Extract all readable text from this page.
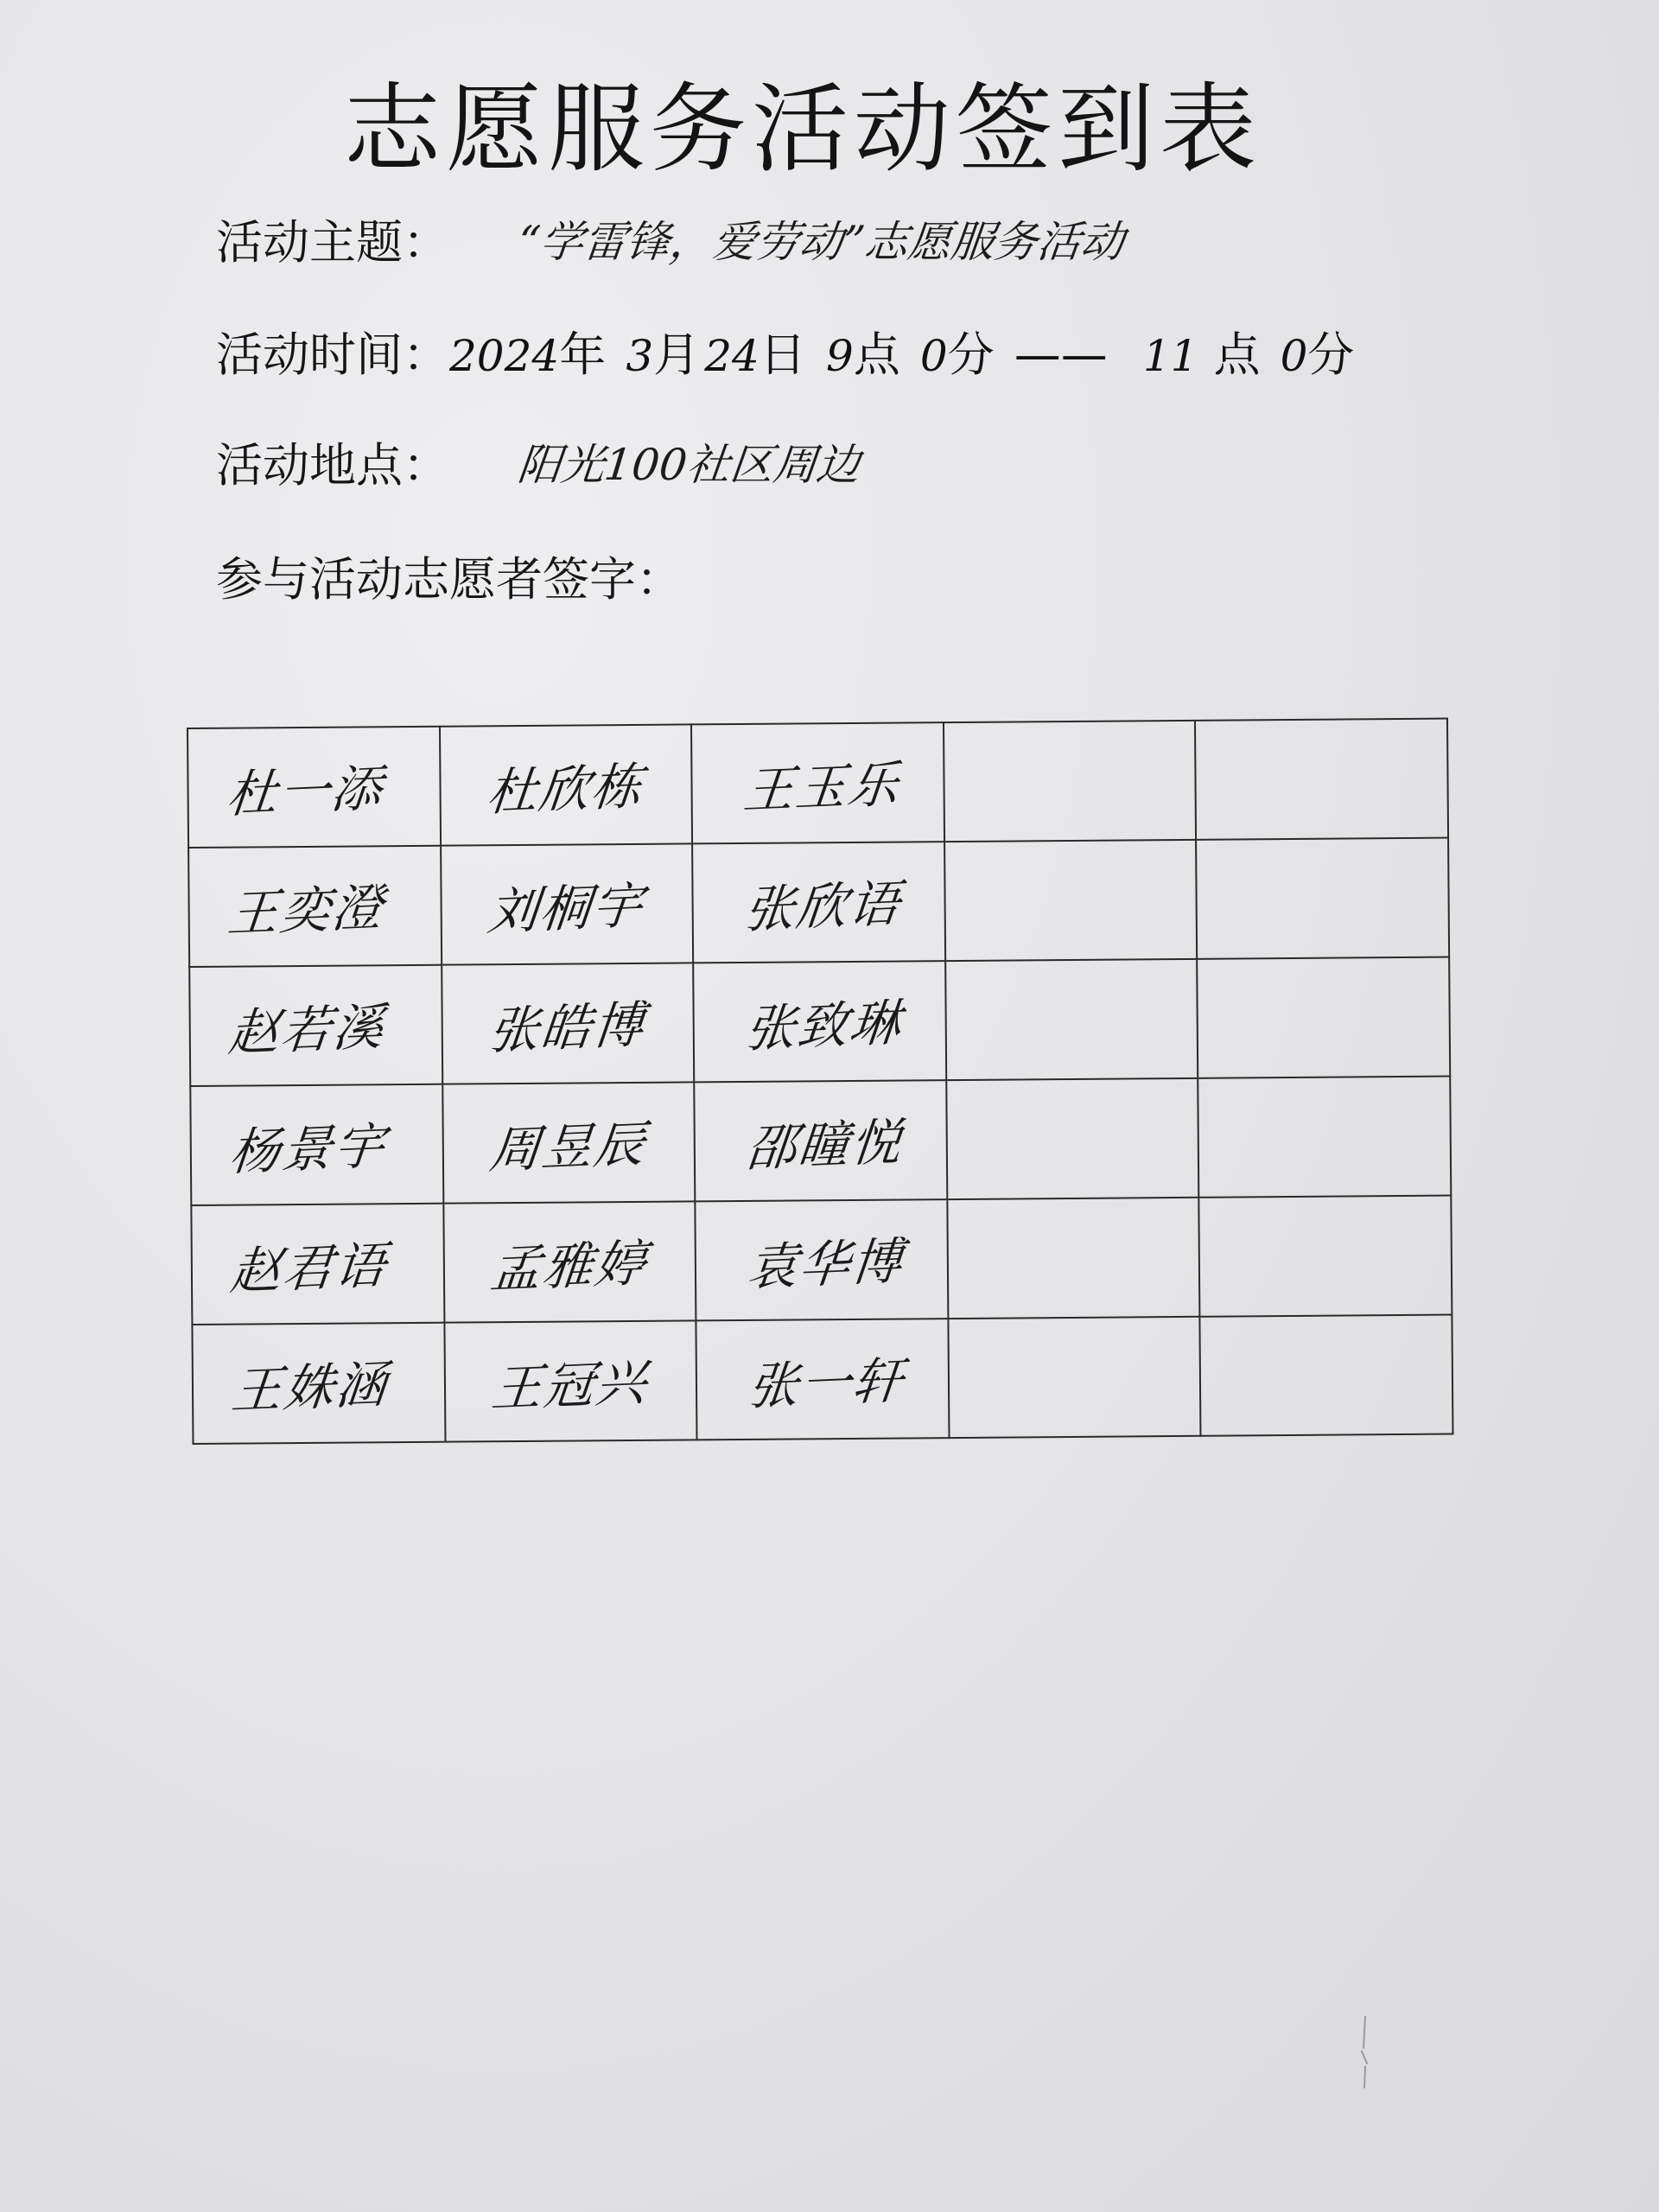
志愿服务活动签到表
活动主题： “学雷锋，爱劳动”志愿服务活动
活动时间： 2024年 3月 24日 9点 0分 —— 11 点 0分
活动地点： 阳光100社区周边
参与活动志愿者签字：
杜一添	杜欣栋	王玉乐		
王奕澄	刘桐宇	张欣语		
赵若溪	张皓博	张致琳		
杨景宇	周昱辰	邵瞳悦		
赵君语	孟雅婷	袁华博		
王姝涵	王冠兴	张一轩		
